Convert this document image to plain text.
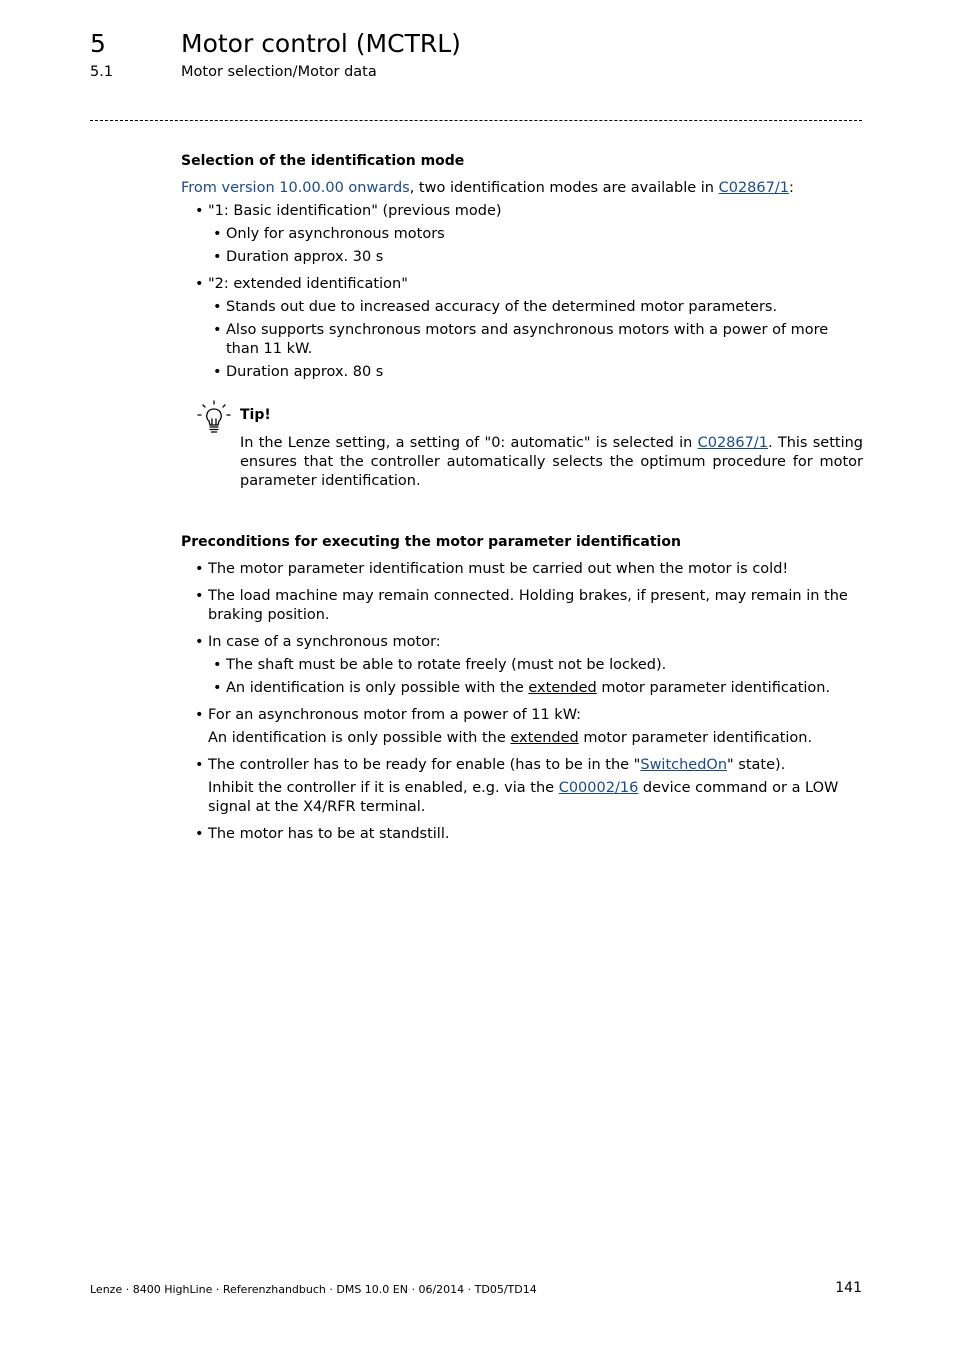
5	Motor control (MCTRL)
5.1	Motor selection/Motor data

Selection of the identification mode

From version 10.00.00 onwards, two identification modes are available in C02867/1:

• "1: Basic identification" (previous mode)
• Only for asynchronous motors
• Duration approx. 30 s
• "2: extended identification"
• Stands out due to increased accuracy of the determined motor parameters.
• Also supports synchronous motors and asynchronous motors with a power of more than 11 kW.
• Duration approx. 80 s
Tip!

In the Lenze setting, a setting of "0: automatic" is selected in C02867/1. This setting ensures that the controller automatically selects the optimum procedure for motor parameter identification.

Preconditions for executing the motor parameter identification

• The motor parameter identification must be carried out when the motor is cold!
• The load machine may remain connected. Holding brakes, if present, may remain in the braking position.
• In case of a synchronous motor:
• The shaft must be able to rotate freely (must not be locked).
• An identification is only possible with the extended motor parameter identification.
• For an asynchronous motor from a power of 11 kW:
An identification is only possible with the extended motor parameter identification.
• The controller has to be ready for enable (has to be in the "SwitchedOn" state).
Inhibit the controller if it is enabled, e.g. via the C00002/16 device command or a LOW signal at the X4/RFR terminal.
• The motor has to be at standstill.
Lenze · 8400 HighLine · Referenzhandbuch · DMS 10.0 EN · 06/2014 · TD05/TD14	141
